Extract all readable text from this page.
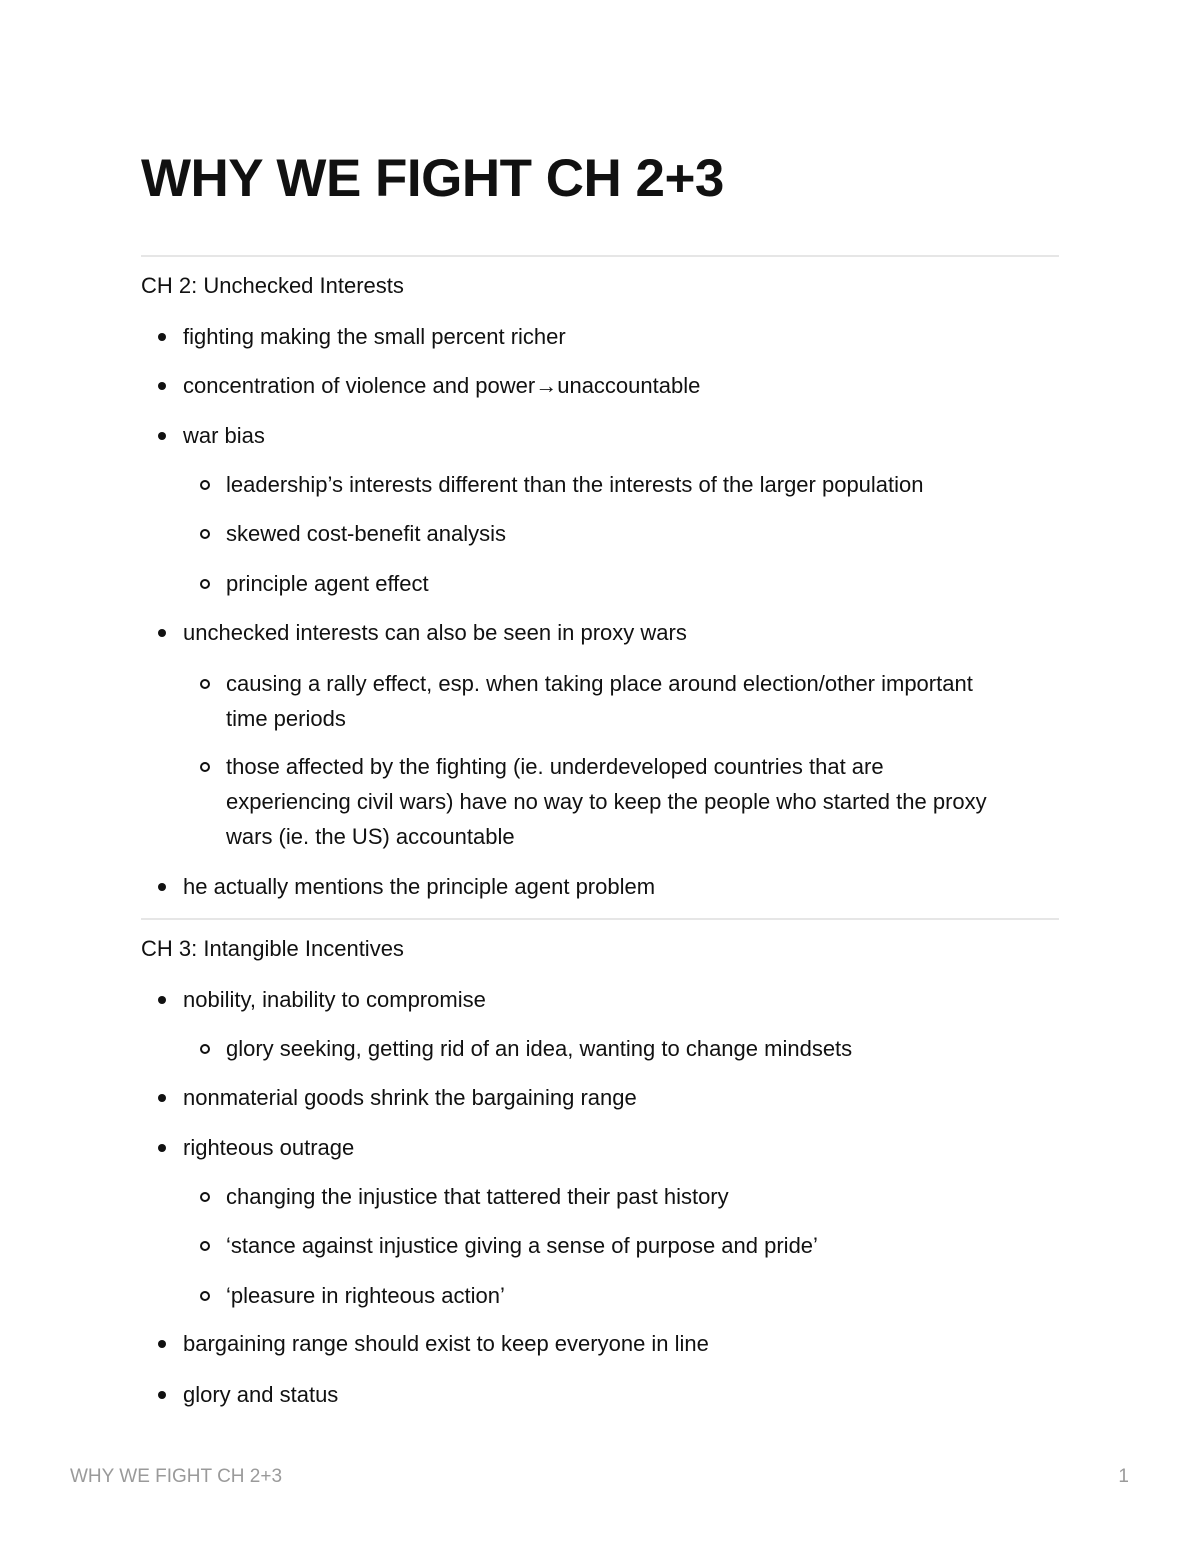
WHY WE FIGHT CH 2+3
CH 2: Unchecked Interests
fighting making the small percent richer
concentration of violence and power→unaccountable
war bias
leadership’s interests different than the interests of the larger population
skewed cost-benefit analysis
principle agent effect
unchecked interests can also be seen in proxy wars
causing a rally effect, esp. when taking place around election/other important
time periods
those affected by the fighting (ie. underdeveloped countries that are
experiencing civil wars) have no way to keep the people who started the proxy
wars (ie. the US) accountable
he actually mentions the principle agent problem
CH 3: Intangible Incentives
nobility, inability to compromise
glory seeking, getting rid of an idea, wanting to change mindsets
nonmaterial goods shrink the bargaining range
righteous outrage
changing the injustice that tattered their past history
‘stance against injustice giving a sense of purpose and pride’
‘pleasure in righteous action’
bargaining range should exist to keep everyone in line
glory and status
WHY WE FIGHT CH 2+3	1
